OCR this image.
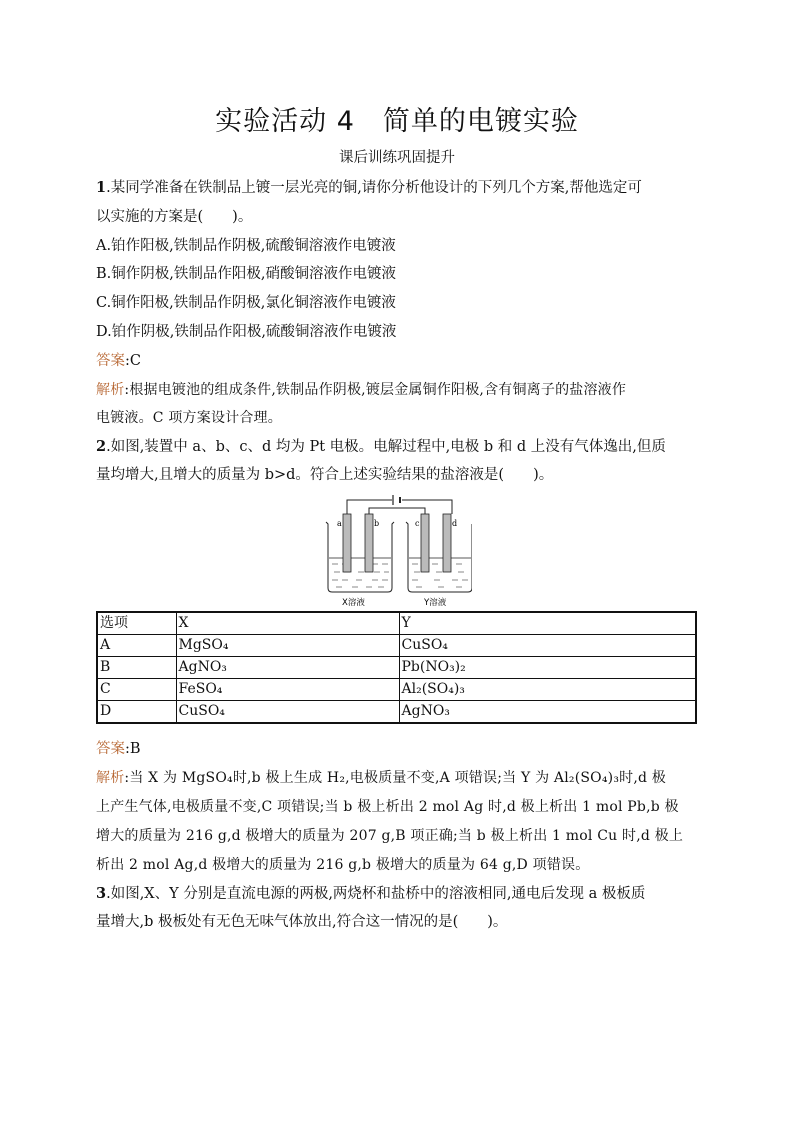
实验活动 4　简单的电镀实验
课后训练巩固提升
1.某同学准备在铁制品上镀一层光亮的铜,请你分析他设计的下列几个方案,帮他选定可
以实施的方案是(　　)。
A.铂作阳极,铁制品作阴极,硫酸铜溶液作电镀液
B.铜作阴极,铁制品作阳极,硝酸铜溶液作电镀液
C.铜作阳极,铁制品作阴极,氯化铜溶液作电镀液
D.铂作阴极,铁制品作阳极,硫酸铜溶液作电镀液
答案:C
解析:根据电镀池的组成条件,铁制品作阴极,镀层金属铜作阳极,含有铜离子的盐溶液作
电镀液。C 项方案设计合理。
2.如图,装置中 a、b、c、d 均为 Pt 电极。电解过程中,电极 b 和 d 上没有气体逸出,但质
量均增大,且增大的质量为 b>d。符合上述实验结果的盐溶液是(　　)。
a	b	c	d
X溶液	Y溶液
选项	X	Y
A	MgSO₄	CuSO₄
B	AgNO₃	Pb(NO₃)₂
C	FeSO₄	Al₂(SO₄)₃
D	CuSO₄	AgNO₃
答案:B
解析:当 X 为 MgSO₄时,b 极上生成 H₂,电极质量不变,A 项错误;当 Y 为 Al₂(SO₄)₃时,d 极
上产生气体,电极质量不变,C 项错误;当 b 极上析出 2 mol Ag 时,d 极上析出 1 mol Pb,b 极
增大的质量为 216 g,d 极增大的质量为 207 g,B 项正确;当 b 极上析出 1 mol Cu 时,d 极上
析出 2 mol Ag,d 极增大的质量为 216 g,b 极增大的质量为 64 g,D 项错误。
3.如图,X、Y 分别是直流电源的两极,两烧杯和盐桥中的溶液相同,通电后发现 a 极板质
量增大,b 极板处有无色无味气体放出,符合这一情况的是(　　)。
